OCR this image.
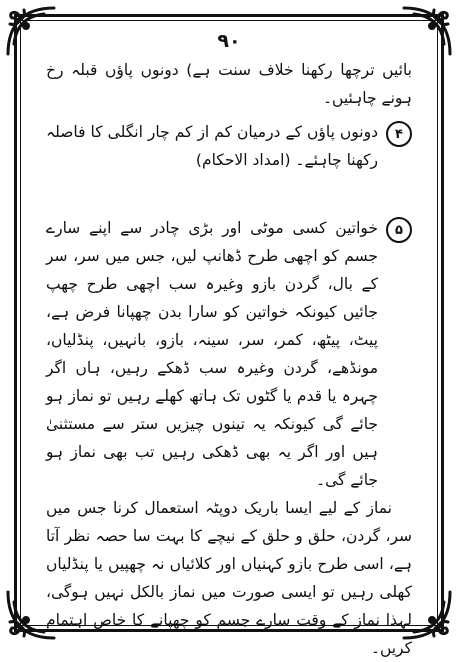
۹۰

بائیں ترچھا رکھنا خلاف سنت ہے) دونوں پاؤں قبلہ رخ ہونے چاہئیں۔

۴
دونوں پاؤں کے درمیان کم از کم چار انگلی کا فاصلہ رکھنا چاہئے۔ (امداد الاحکام)
۵
خواتین کسی موٹی اور بڑی چادر سے اپنے سارے جسم کو اچھی طرح ڈھانپ لیں، جس میں سر، سر کے بال، گردن بازو وغیرہ سب اچھی طرح چھپ جائیں کیونکہ خواتین کو سارا بدن چھپانا فرض ہے، پیٹ، پیٹھ، کمر، سر، سینہ، بازو، بانہیں، پنڈلیاں، مونڈھے، گردن وغیرہ سب ڈھکے رہیں، ہاں اگر چہرہ یا قدم یا گٹوں تک ہاتھ کھلے رہیں تو نماز ہو جائے گی کیونکہ یہ تینوں چیزیں ستر سے مستثنیٰ ہیں اور اگر یہ بھی ڈھکی رہیں تب بھی نماز ہو جائے گی۔

نماز کے لیے ایسا باریک دوپٹہ استعمال کرنا جس میں سر، گردن، حلق و حلق کے نیچے کا بہت سا حصہ نظر آتا ہے، اسی طرح بازو کہنیاں اور کلائیاں نہ چھپیں یا پنڈلیاں کھلی رہیں تو ایسی صورت میں نماز بالکل نہیں ہوگی، لہذا نماز کے وقت سارے جسم کو چھپانے کا خاص اہتمام کریں۔
